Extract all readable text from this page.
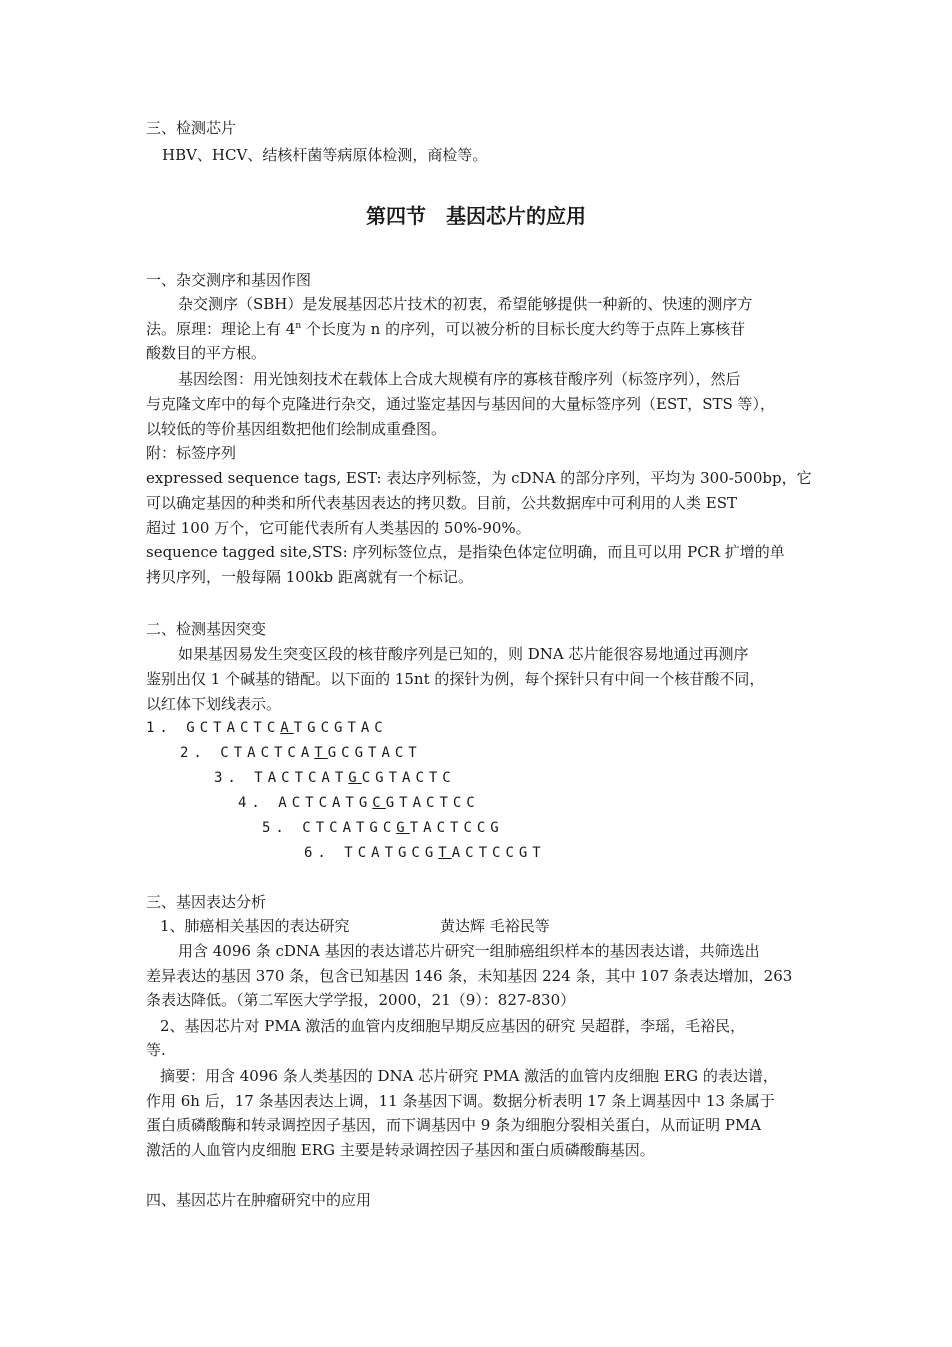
三、检测芯片
HBV、HCV、结核杆菌等病原体检测，商检等。
第四节　基因芯片的应用
一、杂交测序和基因作图
杂交测序（SBH）是发展基因芯片技术的初衷，希望能够提供一种新的、快速的测序方
法。原理：理论上有 4$^n$ 个长度为 n 的序列，可以被分析的目标长度大约等于点阵上寡核苷
酸数目的平方根。
基因绘图：用光蚀刻技术在载体上合成大规模有序的寡核苷酸序列（标签序列），然后
与克隆文库中的每个克隆进行杂交，通过鉴定基因与基因间的大量标签序列（EST，STS 等），
以较低的等价基因组数把他们绘制成重叠图。
附：标签序列
expressed sequence tags, EST: 表达序列标签，为 cDNA 的部分序列，平均为 300-500bp，它
可以确定基因的种类和所代表基因表达的拷贝数。目前，公共数据库中可利用的人类 EST
超过 100 万个，它可能代表所有人类基因的 50%-90%。
sequence tagged site,STS: 序列标签位点，是指染色体定位明确，而且可以用 PCR 扩增的单
拷贝序列，一般每隔 100kb 距离就有一个标记。
二、检测基因突变
如果基因易发生突变区段的核苷酸序列是已知的，则 DNA 芯片能很容易地通过再测序
鉴别出仅 1 个碱基的错配。以下面的 15nt 的探针为例，每个探针只有中间一个核苷酸不同，
以红体下划线表示。
1. GCTACTCATGCGTAC
2. CTACTCATGCGTACT
3. TACTCATGCGTACTC
4. ACTCATGCGTACTCC
5. CTCATGCGTACTCCG
6. TCATGCGTACTCCGT
三、基因表达分析
1、肺癌相关基因的表达研究	黄达辉 毛裕民等
用含 4096 条 cDNA 基因的表达谱芯片研究一组肺癌组织样本的基因表达谱，共筛选出
差异表达的基因 370 条，包含已知基因 146 条，未知基因 224 条，其中 107 条表达增加，263
条表达降低。（第二军医大学学报，2000，21（9）：827-830）
2、基因芯片对 PMA 激活的血管内皮细胞早期反应基因的研究 吴超群，李瑶，毛裕民，
等.
摘要：用含 4096 条人类基因的 DNA 芯片研究 PMA 激活的血管内皮细胞 ERG 的表达谱，
作用 6h 后，17 条基因表达上调，11 条基因下调。数据分析表明 17 条上调基因中 13 条属于
蛋白质磷酸酶和转录调控因子基因，而下调基因中 9 条为细胞分裂相关蛋白，从而证明 PMA
激活的人血管内皮细胞 ERG 主要是转录调控因子基因和蛋白质磷酸酶基因。
四、基因芯片在肿瘤研究中的应用
